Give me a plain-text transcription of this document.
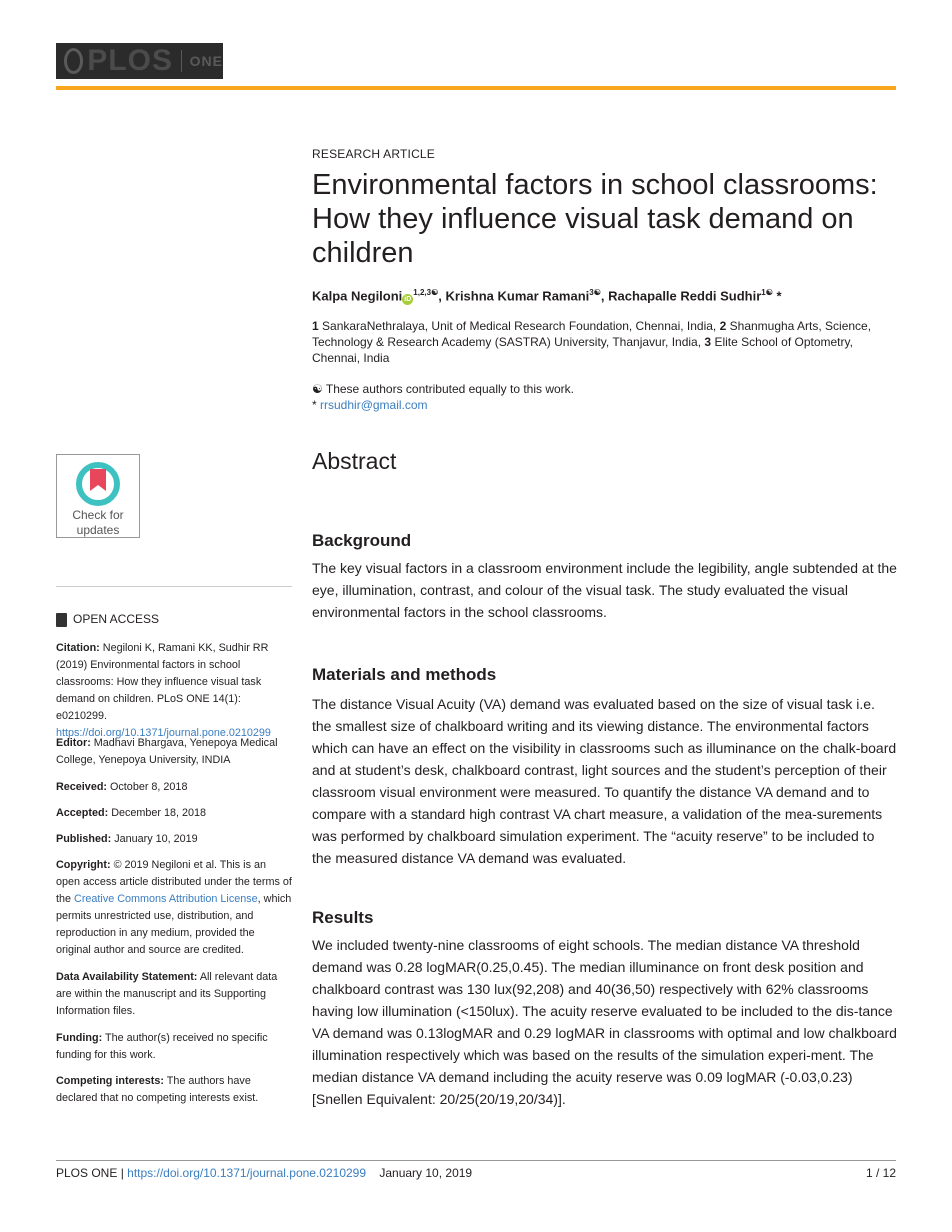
PLOS ONE
RESEARCH ARTICLE
Environmental factors in school classrooms: How they influence visual task demand on children
Kalpa Negiloni $iD^{1,2,3☯}$, Krishna Kumar Ramani$^{3☯}$, Rachapalle Reddi Sudhir$^{1☯}$ *
1 SankaraNethralaya, Unit of Medical Research Foundation, Chennai, India, 2 Shanmugha Arts, Science, Technology & Research Academy (SASTRA) University, Thanjavur, India, 3 Elite School of Optometry, Chennai, India
☯ These authors contributed equally to this work.
* rrsudhir@gmail.com
Abstract
Background
The key visual factors in a classroom environment include the legibility, angle subtended at the eye, illumination, contrast, and colour of the visual task. The study evaluated the visual environmental factors in the school classrooms.
Materials and methods
The distance Visual Acuity (VA) demand was evaluated based on the size of visual task i.e. the smallest size of chalkboard writing and its viewing distance. The environmental factors which can have an effect on the visibility in classrooms such as illuminance on the chalk-board and at student’s desk, chalkboard contrast, light sources and the student’s perception of their classroom visual environment were measured. To quantify the distance VA demand and to compare with a standard high contrast VA chart measure, a validation of the mea-surements was performed by chalkboard simulation experiment. The “acuity reserve” to be included to the measured distance VA demand was evaluated.
Results
We included twenty-nine classrooms of eight schools. The median distance VA threshold demand was 0.28 logMAR(0.25,0.45). The median illuminance on front desk position and chalkboard contrast was 130 lux(92,208) and 40(36,50) respectively with 62% classrooms having low illumination (<150lux). The acuity reserve evaluated to be included to the dis-tance VA demand was 0.13logMAR and 0.29 logMAR in classrooms with optimal and low chalkboard illumination respectively which was based on the results of the simulation experi-ment. The median distance VA demand including the acuity reserve was 0.09 logMAR (-0.03,0.23) [Snellen Equivalent: 20/25(20/19,20/34)].
Check for
updates
OPEN ACCESS
Citation: Negiloni K, Ramani KK, Sudhir RR (2019) Environmental factors in school classrooms: How they influence visual task demand on children. PLoS ONE 14(1): e0210299. https://doi.org/10.1371/journal.pone.0210299
Editor: Madhavi Bhargava, Yenepoya Medical College, Yenepoya University, INDIA
Received: October 8, 2018
Accepted: December 18, 2018
Published: January 10, 2019
Copyright: © 2019 Negiloni et al. This is an open access article distributed under the terms of the Creative Commons Attribution License, which permits unrestricted use, distribution, and reproduction in any medium, provided the original author and source are credited.
Data Availability Statement: All relevant data are within the manuscript and its Supporting Information files.
Funding: The author(s) received no specific funding for this work.
Competing interests: The authors have declared that no competing interests exist.
PLOS ONE |
https://doi.org/10.1371/journal.pone.0210299
January 10, 2019	1 / 12
